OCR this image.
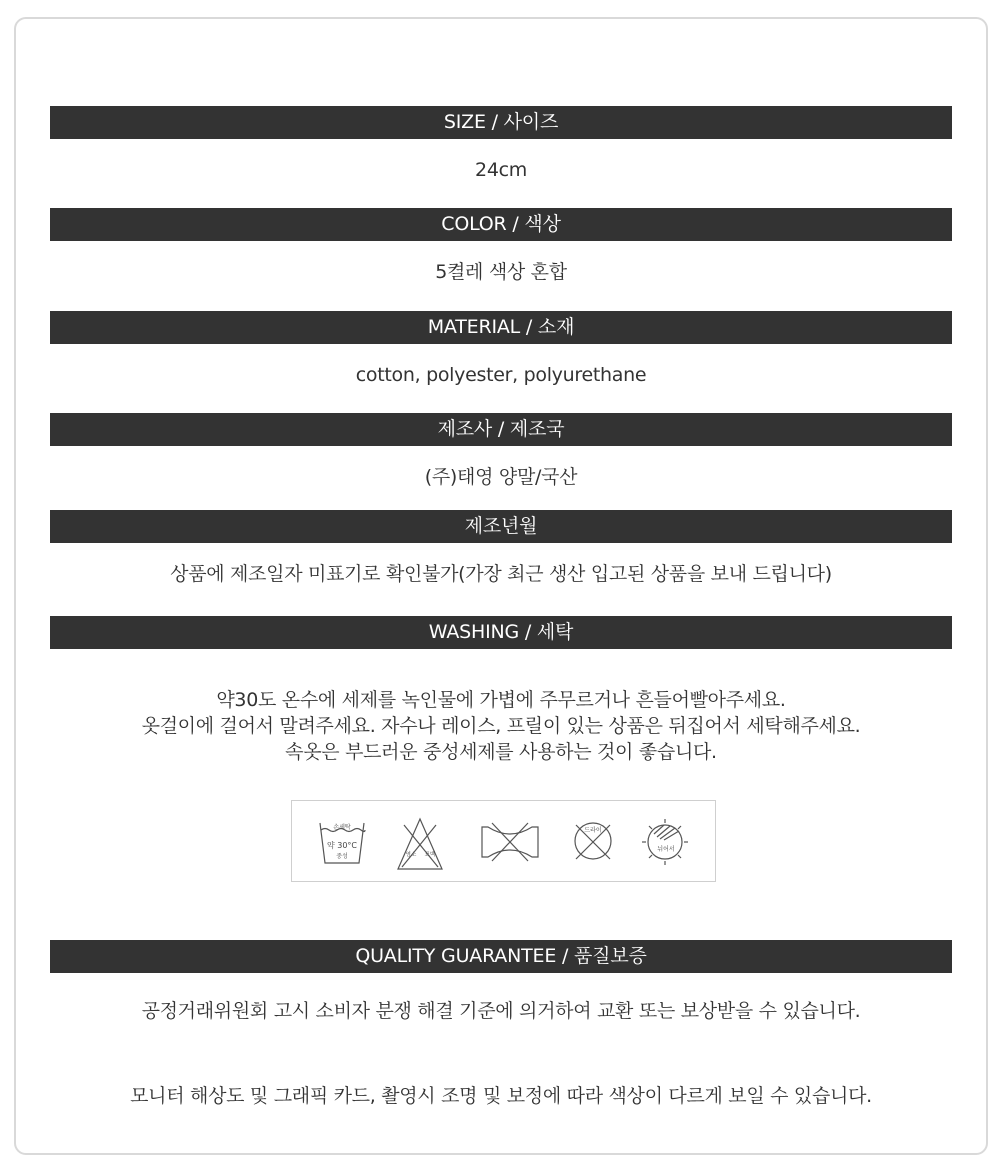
SIZE / 사이즈
24cm
COLOR / 색상
5켤레 색상 혼합
MATERIAL / 소재
cotton, polyester, polyurethane
제조사 / 제조국
(주)태영 양말/국산
제조년월
상품에 제조일자 미표기로 확인불가(가장 최근 생산 입고된 상품을 보내 드립니다)
WASHING / 세탁
약30도 온수에 세제를 녹인물에 가볍에 주무르거나 흔들어빨아주세요.
옷걸이에 걸어서 말려주세요. 자수나 레이스, 프릴이 있는 상품은 뒤집어서 세탁해주세요.
속옷은 부드러운 중성세제를 사용하는 것이 좋습니다.
손세탁
약 30°C
중성	염소 표백
드라이
뉘어서
QUALITY GUARANTEE / 품질보증
공정거래위원회 고시 소비자 분쟁 해결 기준에 의거하여 교환 또는 보상받을 수 있습니다.
모니터 해상도 및 그래픽 카드, 촬영시 조명 및 보정에 따라 색상이 다르게 보일 수 있습니다.
